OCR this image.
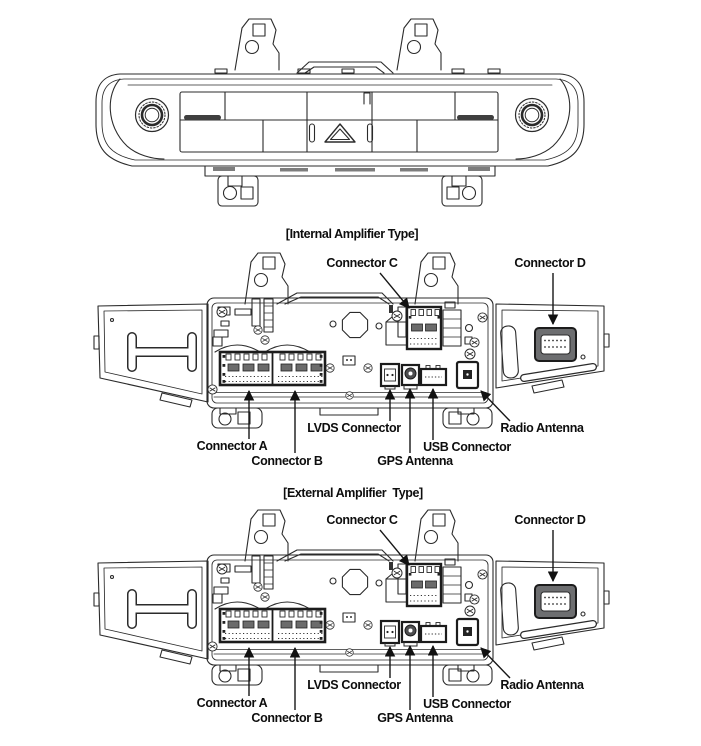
[Internal Amplifier Type]
[External Amplifier  Type]
Connector C	Connector D
LVDS Connector	Radio Antenna
Connector A	USB Connector
Connector B	GPS Antenna
Connector C	Connector D
LVDS Connector	Radio Antenna
Connector A	USB Connector
Connector B	GPS Antenna
